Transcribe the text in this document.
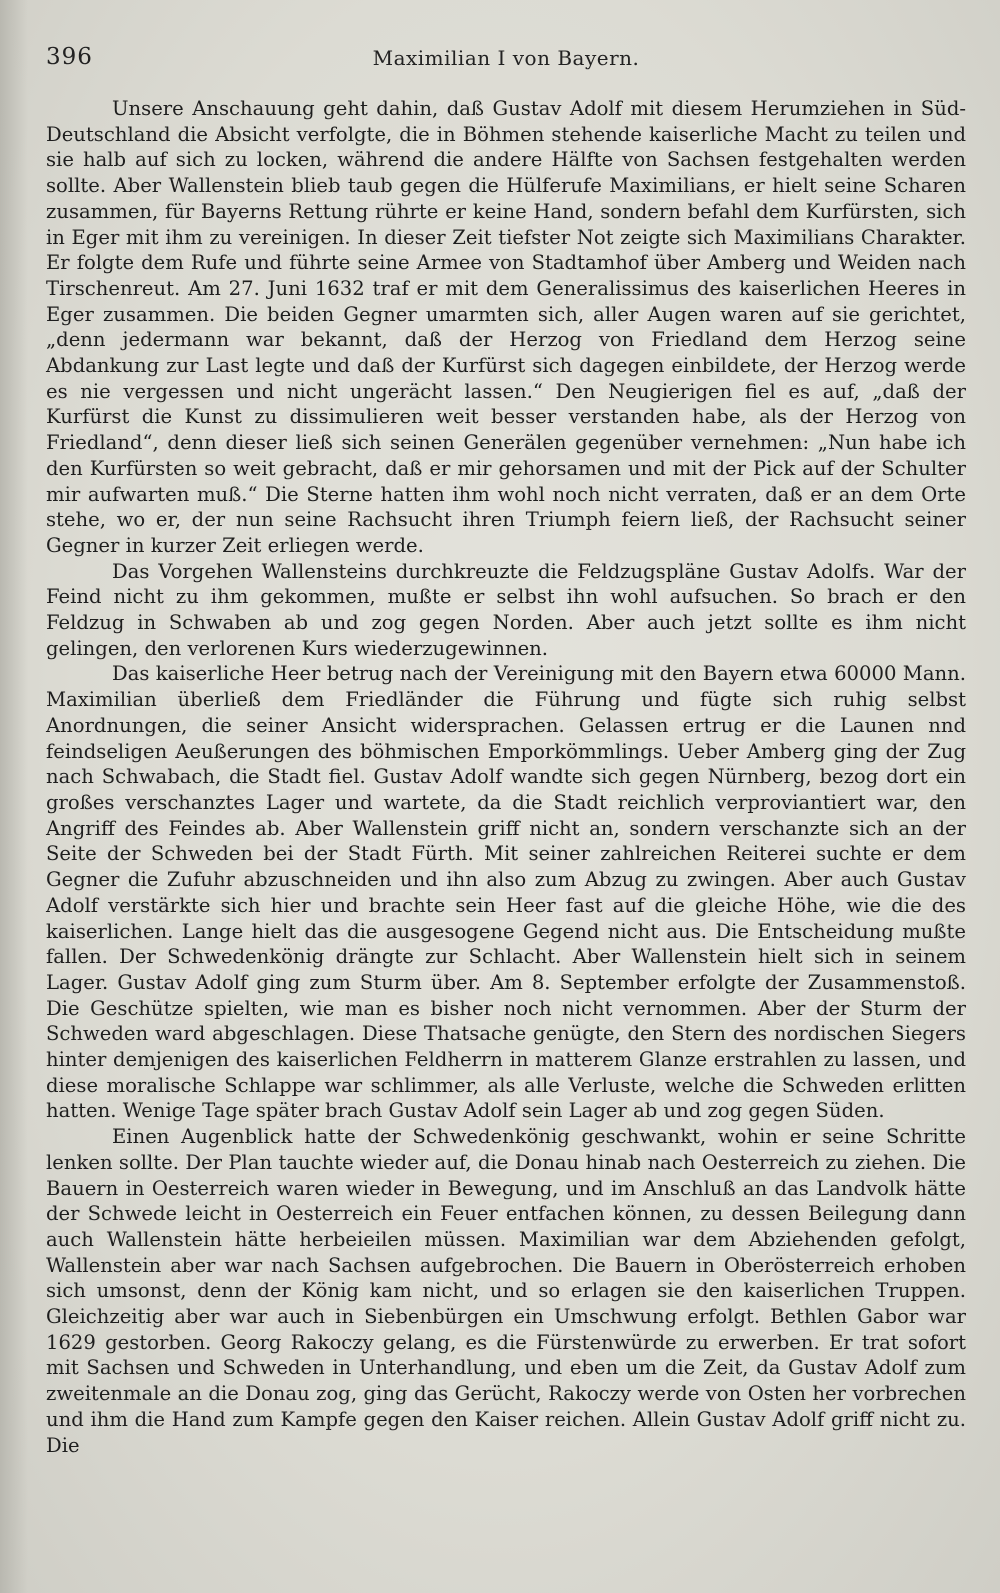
396	Maximilian I von Bayern.

Unsere Anschauung geht dahin, daß Gustav Adolf mit diesem Herumziehen in Süd-Deutschland die Absicht verfolgte, die in Böhmen stehende kaiserliche Macht zu teilen und sie halb auf sich zu locken, während die andere Hälfte von Sachsen festgehalten werden sollte. Aber Wallenstein blieb taub gegen die Hülferufe Maximilians, er hielt seine Scharen zusammen, für Bayerns Rettung rührte er keine Hand, sondern befahl dem Kurfürsten, sich in Eger mit ihm zu vereinigen. In dieser Zeit tiefster Not zeigte sich Maximilians Charakter. Er folgte dem Rufe und führte seine Armee von Stadtamhof über Amberg und Weiden nach Tirschenreut. Am 27. Juni 1632 traf er mit dem Generalissimus des kaiserlichen Heeres in Eger zusammen. Die beiden Gegner umarmten sich, aller Augen waren auf sie gerichtet, „denn jedermann war bekannt, daß der Herzog von Friedland dem Herzog seine Abdankung zur Last legte und daß der Kurfürst sich dagegen einbildete, der Herzog werde es nie vergessen und nicht ungerächt lassen.“ Den Neugierigen fiel es auf, „daß der Kurfürst die Kunst zu dissimulieren weit besser verstanden habe, als der Herzog von Friedland“, denn dieser ließ sich seinen Generälen gegenüber vernehmen: „Nun habe ich den Kurfürsten so weit gebracht, daß er mir gehorsamen und mit der Pick auf der Schulter mir aufwarten muß.“ Die Sterne hatten ihm wohl noch nicht verraten, daß er an dem Orte stehe, wo er, der nun seine Rachsucht ihren Triumph feiern ließ, der Rachsucht seiner Gegner in kurzer Zeit erliegen werde.

Das Vorgehen Wallensteins durchkreuzte die Feldzugspläne Gustav Adolfs. War der Feind nicht zu ihm gekommen, mußte er selbst ihn wohl aufsuchen. So brach er den Feldzug in Schwaben ab und zog gegen Norden. Aber auch jetzt sollte es ihm nicht gelingen, den verlorenen Kurs wiederzugewinnen.

Das kaiserliche Heer betrug nach der Vereinigung mit den Bayern etwa 60000 Mann. Maximilian überließ dem Friedländer die Führung und fügte sich ruhig selbst Anordnungen, die seiner Ansicht widersprachen. Gelassen ertrug er die Launen nnd feindseligen Aeußerungen des böhmischen Emporkömmlings. Ueber Amberg ging der Zug nach Schwabach, die Stadt fiel. Gustav Adolf wandte sich gegen Nürnberg, bezog dort ein großes verschanztes Lager und wartete, da die Stadt reichlich verproviantiert war, den Angriff des Feindes ab. Aber Wallenstein griff nicht an, sondern verschanzte sich an der Seite der Schweden bei der Stadt Fürth. Mit seiner zahlreichen Reiterei suchte er dem Gegner die Zufuhr abzuschneiden und ihn also zum Abzug zu zwingen. Aber auch Gustav Adolf verstärkte sich hier und brachte sein Heer fast auf die gleiche Höhe, wie die des kaiserlichen. Lange hielt das die ausgesogene Gegend nicht aus. Die Entscheidung mußte fallen. Der Schwedenkönig drängte zur Schlacht. Aber Wallenstein hielt sich in seinem Lager. Gustav Adolf ging zum Sturm über. Am 8. September erfolgte der Zusammenstoß. Die Geschütze spielten, wie man es bisher noch nicht vernommen. Aber der Sturm der Schweden ward abgeschlagen. Diese Thatsache genügte, den Stern des nordischen Siegers hinter demjenigen des kaiserlichen Feldherrn in matterem Glanze erstrahlen zu lassen, und diese moralische Schlappe war schlimmer, als alle Verluste, welche die Schweden erlitten hatten. Wenige Tage später brach Gustav Adolf sein Lager ab und zog gegen Süden.

Einen Augenblick hatte der Schwedenkönig geschwankt, wohin er seine Schritte lenken sollte. Der Plan tauchte wieder auf, die Donau hinab nach Oesterreich zu ziehen. Die Bauern in Oesterreich waren wieder in Bewegung, und im Anschluß an das Landvolk hätte der Schwede leicht in Oesterreich ein Feuer entfachen können, zu dessen Beilegung dann auch Wallenstein hätte herbeieilen müssen. Maximilian war dem Abziehenden gefolgt, Wallenstein aber war nach Sachsen aufgebrochen. Die Bauern in Oberösterreich erhoben sich umsonst, denn der König kam nicht, und so erlagen sie den kaiserlichen Truppen. Gleichzeitig aber war auch in Siebenbürgen ein Umschwung erfolgt. Bethlen Gabor war 1629 gestorben. Georg Rakoczy gelang, es die Fürstenwürde zu erwerben. Er trat sofort mit Sachsen und Schweden in Unterhandlung, und eben um die Zeit, da Gustav Adolf zum zweitenmale an die Donau zog, ging das Gerücht, Rakoczy werde von Osten her vorbrechen und ihm die Hand zum Kampfe gegen den Kaiser reichen. Allein Gustav Adolf griff nicht zu. Die
